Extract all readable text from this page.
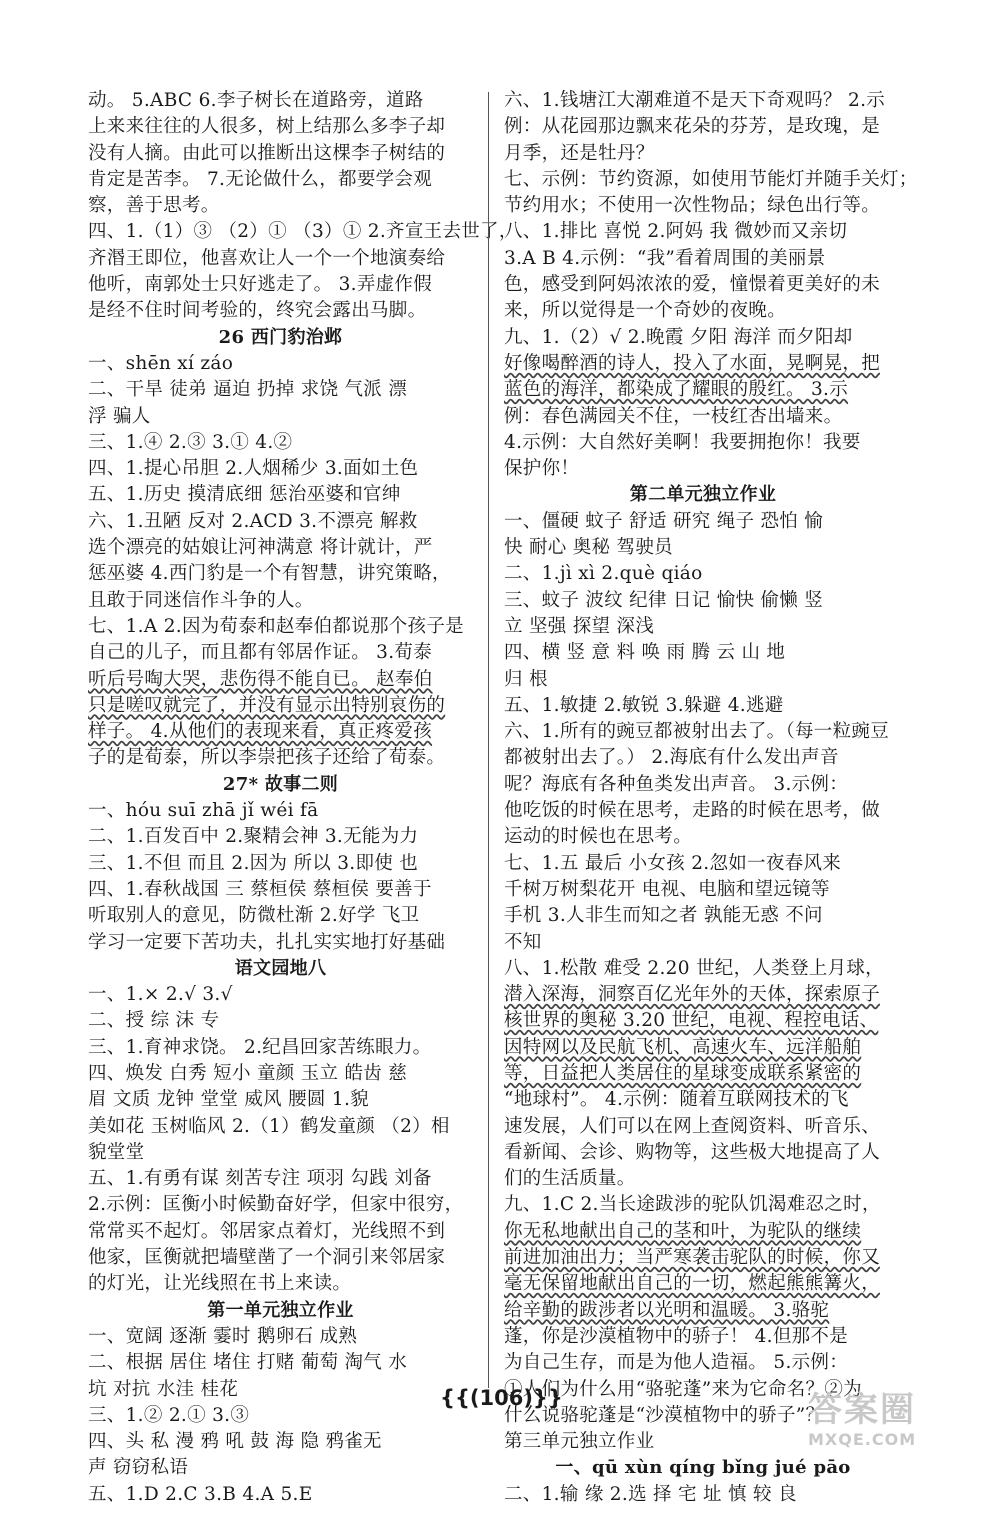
动。 5.ABC 6.李子树长在道路旁，道路
上来来往往的人很多，树上结那么多李子却
没有人摘。由此可以推断出这棵李子树结的
肯定是苦李。 7.无论做什么，都要学会观
察，善于思考。
四、1.（1）③ （2）① （3）① 2.齐宣王去世了，
齐湣王即位，他喜欢让人一个一个地演奏给
他听，南郭处士只好逃走了。 3.弄虚作假
是经不住时间考验的，终究会露出马脚。
26 西门豹治邺
一、shēn xí záo
二、干旱 徒弟 逼迫 扔掉 求饶 气派 漂
浮 骗人
三、1.④ 2.③ 3.① 4.②
四、1.提心吊胆 2.人烟稀少 3.面如土色
五、1.历史 摸清底细 惩治巫婆和官绅
六、1.丑陋 反对 2.ACD 3.不漂亮 解救
选个漂亮的姑娘让河神满意 将计就计，严
惩巫婆 4.西门豹是一个有智慧，讲究策略，
且敢于同迷信作斗争的人。
七、1.A 2.因为荀泰和赵奉伯都说那个孩子是
自己的儿子，而且都有邻居作证。 3.荀泰
听后号啕大哭，悲伤得不能自已。 赵奉伯
只是嗟叹就完了，并没有显示出特别哀伤的
样子。 4.从他们的表现来看，真正疼爱孩
子的是荀泰，所以李崇把孩子还给了荀泰。
27* 故事二则
一、hóu suī zhā jǐ wéi fā
二、1.百发百中 2.聚精会神 3.无能为力
三、1.不但 而且 2.因为 所以 3.即使 也
四、1.春秋战国 三 蔡桓侯 蔡桓侯 要善于
听取别人的意见，防微杜渐 2.好学 飞卫
学习一定要下苦功夫，扎扎实实地打好基础
语文园地八
一、1.× 2.√ 3.√
二、授 综 沫 专
三、1.育神求饶。 2.纪昌回家苦练眼力。
四、焕发 白秀 短小 童颜 玉立 皓齿 慈
眉 文质 龙钟 堂堂 威风 腰圆 1.貌
美如花 玉树临风 2.（1）鹤发童颜 （2）相
貌堂堂
五、1.有勇有谋 刻苦专注 项羽 勾践 刘备
2.示例：匡衡小时候勤奋好学，但家中很穷，
常常买不起灯。邻居家点着灯，光线照不到
他家，匡衡就把墙壁凿了一个洞引来邻居家
的灯光，让光线照在书上来读。
第一单元独立作业
一、宽阔 逐渐 霎时 鹅卵石 成熟
二、根据 居住 堵住 打赌 葡萄 淘气 水
坑 对抗 水洼 桂花
三、1.② 2.① 3.③
四、头 私 漫 鸦 吼 鼓 海 隐 鸦雀无
声 窃窃私语
五、1.D 2.C 3.B 4.A 5.E
六、1.钱塘江大潮难道不是天下奇观吗？ 2.示
例：从花园那边飘来花朵的芬芳，是玫瑰，是
月季，还是牡丹？
七、示例：节约资源，如使用节能灯并随手关灯；
节约用水；不使用一次性物品；绿色出行等。
八、1.排比 喜悦 2.阿妈 我 微妙而又亲切
3.A B 4.示例：“我”看着周围的美丽景
色，感受到阿妈浓浓的爱，憧憬着更美好的未
来，所以觉得是一个奇妙的夜晚。
九、1.（2）√ 2.晚霞 夕阳 海洋 而夕阳却
好像喝醉酒的诗人，投入了水面，晃啊晃，把
蓝色的海洋，都染成了耀眼的殷红。 3.示
例：春色满园关不住，一枝红杏出墙来。
4.示例：大自然好美啊！我要拥抱你！我要
保护你！
第二单元独立作业
一、僵硬 蚊子 舒适 研究 绳子 恐怕 愉
快 耐心 奥秘 驾驶员
二、1.jì xì 2.què qiáo
三、蚊子 波纹 纪律 日记 愉快 偷懒 竖
立 坚强 探望 深浅
四、横 竖 意 料 唤 雨 腾 云 山 地
归 根
五、1.敏捷 2.敏锐 3.躲避 4.逃避
六、1.所有的豌豆都被射出去了。（每一粒豌豆
都被射出去了。） 2.海底有什么发出声音
呢？海底有各种鱼类发出声音。 3.示例：
他吃饭的时候在思考，走路的时候在思考，做
运动的时候也在思考。
七、1.五 最后 小女孩 2.忽如一夜春风来
千树万树梨花开 电视、电脑和望远镜等
手机 3.人非生而知之者 孰能无惑 不问
不知
八、1.松散 难受 2.20 世纪，人类登上月球，
潜入深海，洞察百亿光年外的天体，探索原子
核世界的奥秘 3.20 世纪，电视、程控电话、
因特网以及民航飞机、高速火车、远洋船舶
等，日益把人类居住的星球变成联系紧密的
“地球村”。 4.示例：随着互联网技术的飞
速发展，人们可以在网上查阅资料、听音乐、
看新闻、会诊、购物等，这些极大地提高了人
们的生活质量。
九、1.C 2.当长途跋涉的驼队饥渴难忍之时，
你无私地献出自己的茎和叶，为驼队的继续
前进加油出力；当严寒袭击驼队的时候，你又
毫无保留地献出自己的一切，燃起熊熊篝火，
给辛勤的跋涉者以光明和温暖。 3.骆驼
蓬，你是沙漠植物中的骄子！ 4.但那不是
为自己生存，而是为他人造福。 5.示例：
①人们为什么用“骆驼蓬”来为它命名？②为
什么说骆驼蓬是“沙漠植物中的骄子”？
第三单元独立作业
一、qū xùn qíng bǐng jué pāo
二、1.输 缘 2.选 择 宅 址 慎 较 良
{{(106)}}	答案圈
MXQE.COM
